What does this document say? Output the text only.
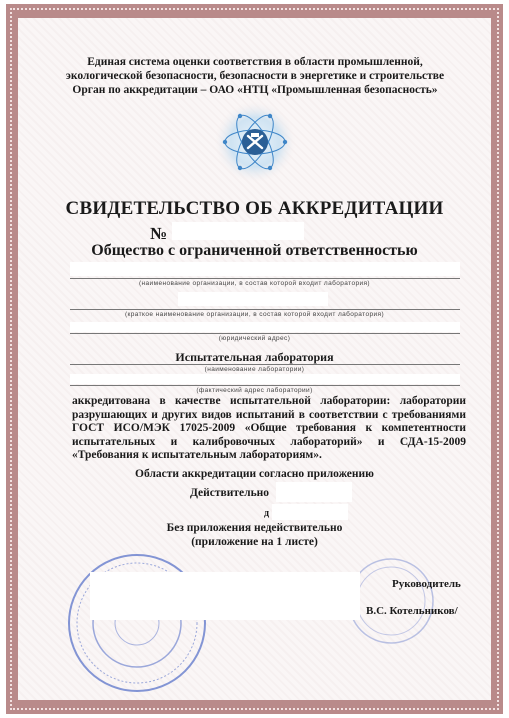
Единая система оценки соответствия в области промышленной,
экологической безопасности, безопасности в энергетике и строительстве
Орган по аккредитации – ОАО «НТЦ «Промышленная безопасность»
СВИДЕТЕЛЬСТВО ОБ АККРЕДИТАЦИИ
№
Общество с ограниченной ответственностью
(наименование организации, в состав которой входит лаборатория)
(краткое наименование организации, в состав которой входит лаборатория)
(юридический адрес)
Испытательная лаборатория
(наименование лаборатории)
(фактический адрес лаборатории)
аккредитована в качестве испытательной лаборатории: лаборатории разрушающих и других видов испытаний в соответствии с требованиями ГОСТ ИСО/МЭК 17025-2009 «Общие требования к компетентности испытательных и калибровочных лабораторий» и СДА-15-2009 «Требования к испытательным лабораториям».
Области аккредитации согласно приложению
Действительно
д
Без приложения недействительно
(приложение на 1 листе)
Руководитель
В.С. Котельников/
